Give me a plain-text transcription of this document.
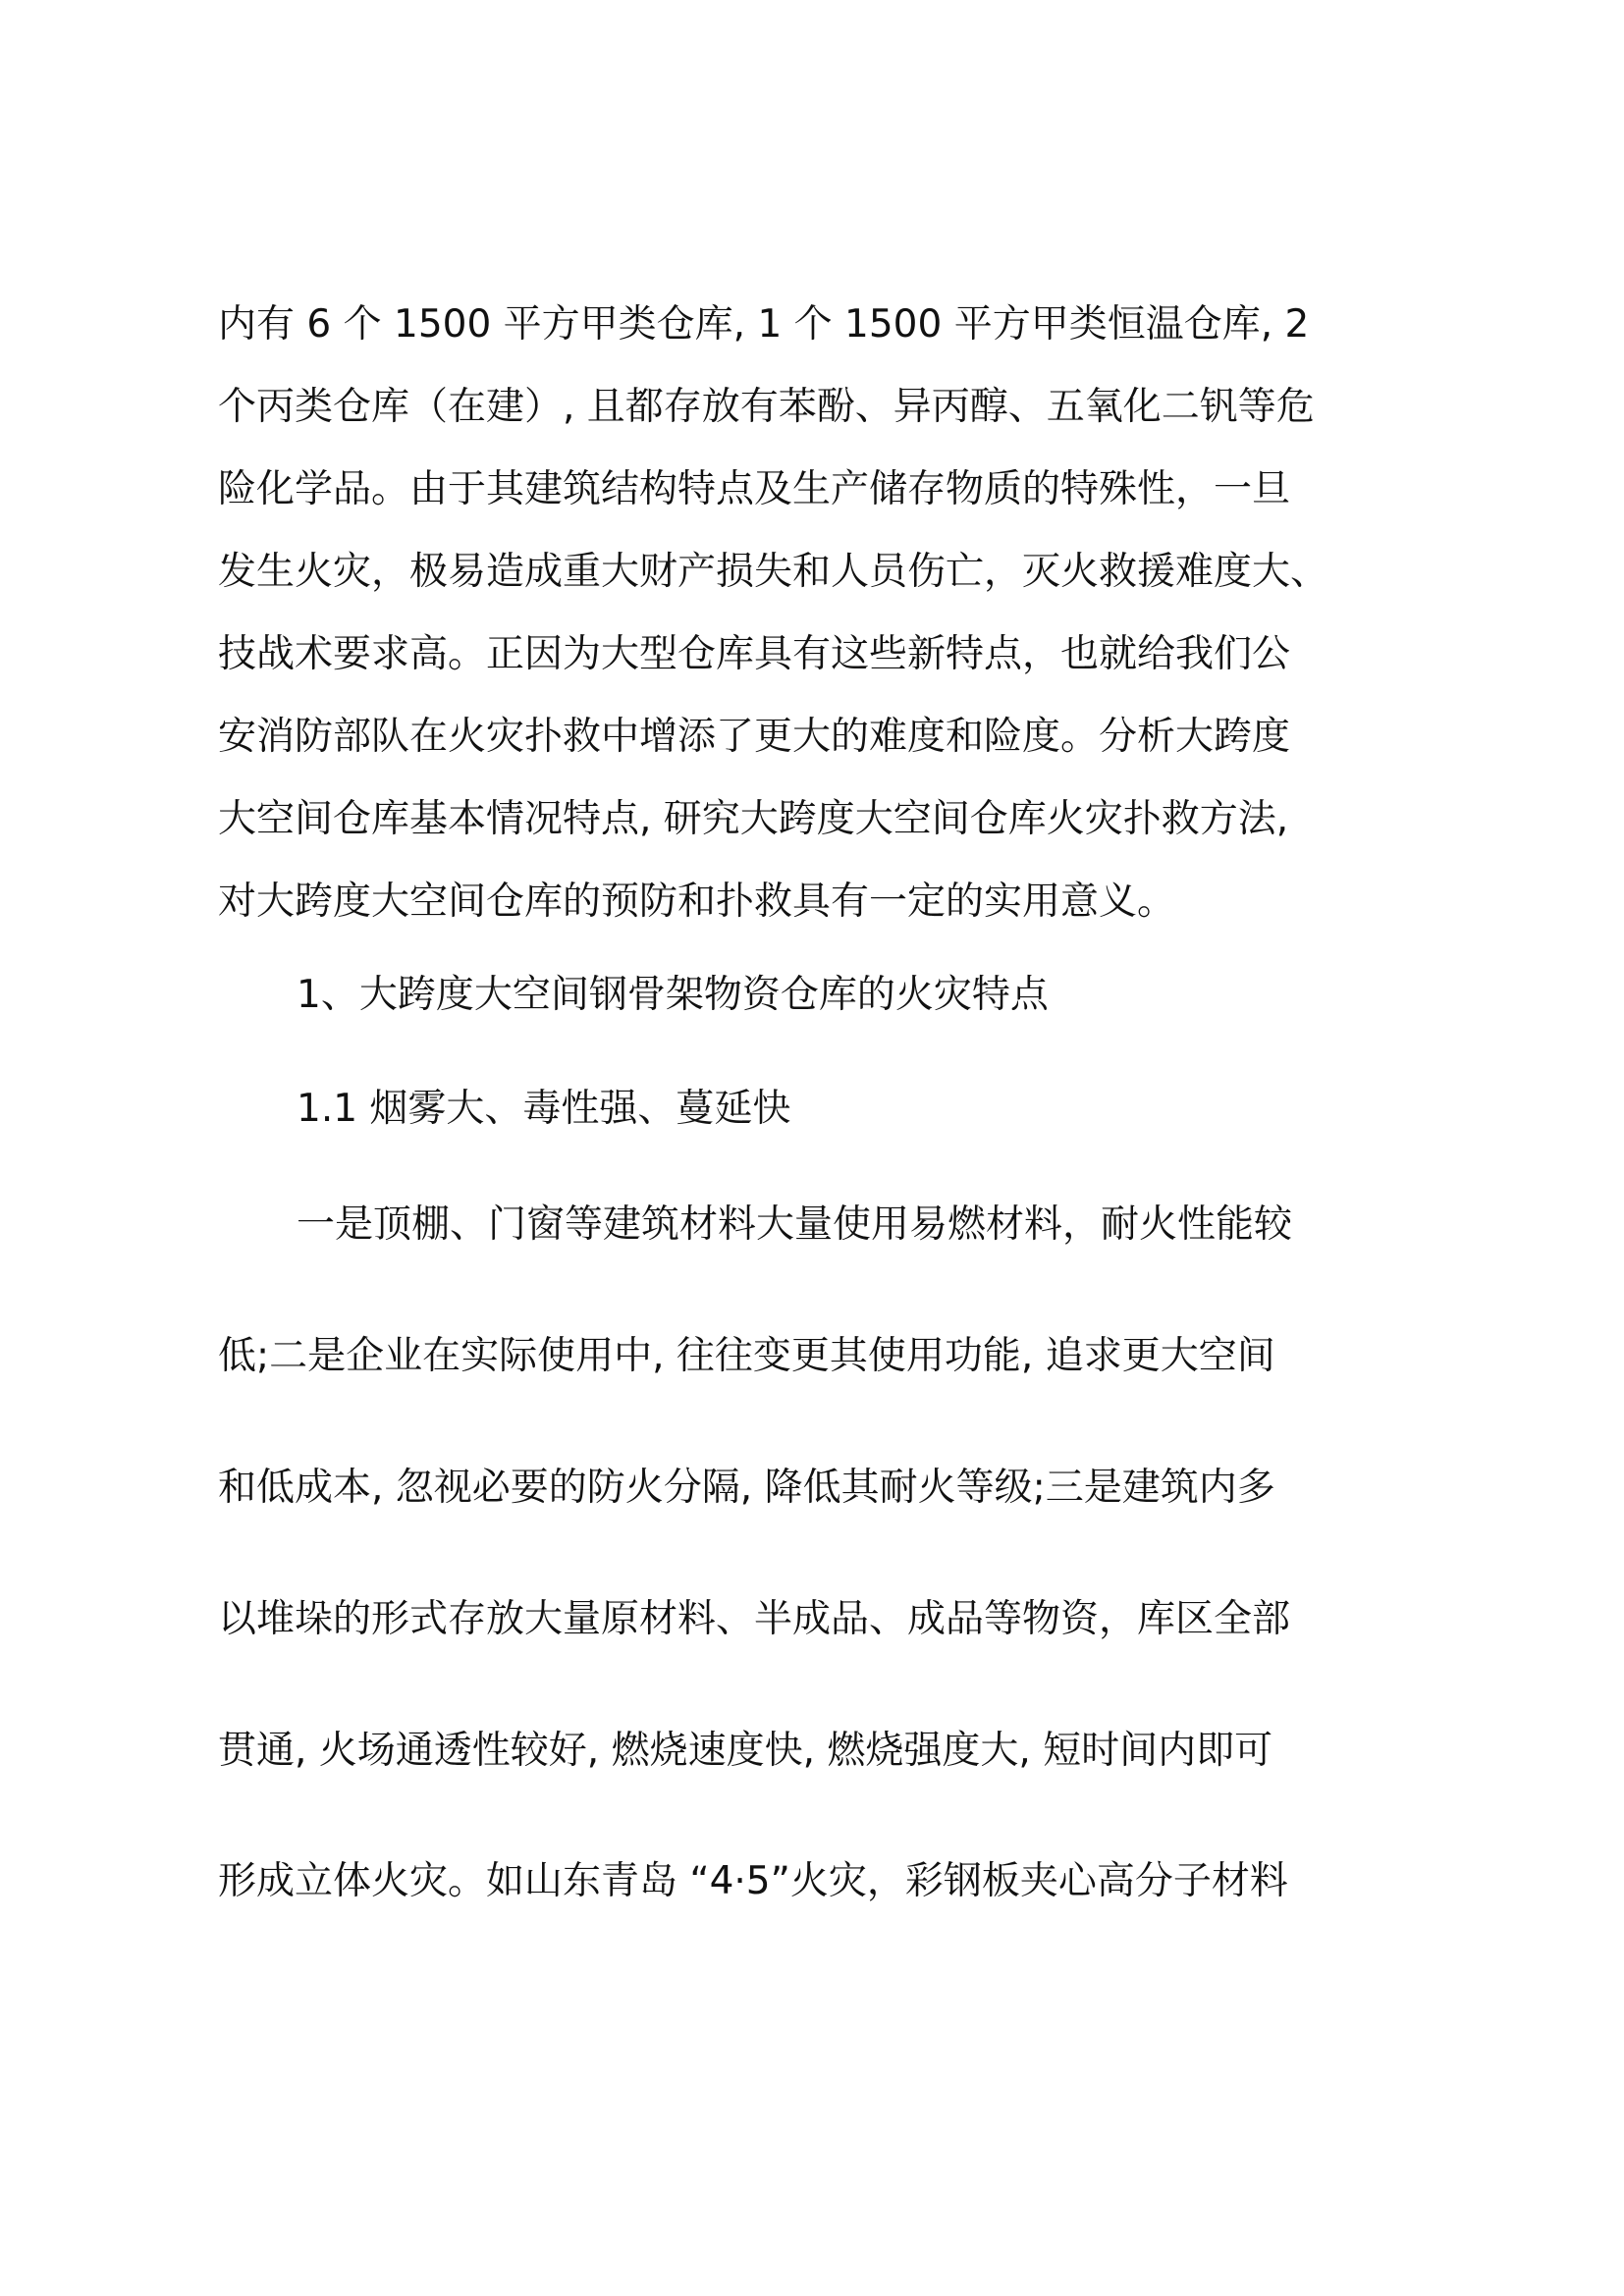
内有 6 个 1500 平方甲类仓库, 1 个 1500 平方甲类恒温仓库, 2
个丙类仓库（在建）, 且都存放有苯酚、异丙醇、五氧化二钒等危
险化学品。由于其建筑结构特点及生产储存物质的特殊性，一旦
发生火灾，极易造成重大财产损失和人员伤亡，灭火救援难度大、
技战术要求高。正因为大型仓库具有这些新特点，也就给我们公
安消防部队在火灾扑救中增添了更大的难度和险度。分析大跨度
大空间仓库基本情况特点, 研究大跨度大空间仓库火灾扑救方法,
对大跨度大空间仓库的预防和扑救具有一定的实用意义。
1、大跨度大空间钢骨架物资仓库的火灾特点
1.1 烟雾大、毒性强、蔓延快
一是顶棚、门窗等建筑材料大量使用易燃材料，耐火性能较
低;二是企业在实际使用中, 往往变更其使用功能, 追求更大空间
和低成本, 忽视必要的防火分隔, 降低其耐火等级;三是建筑内多
以堆垛的形式存放大量原材料、半成品、成品等物资，库区全部
贯通, 火场通透性较好, 燃烧速度快, 燃烧强度大, 短时间内即可
形成立体火灾。如山东青岛 “4·5”火灾，彩钢板夹心高分子材料
